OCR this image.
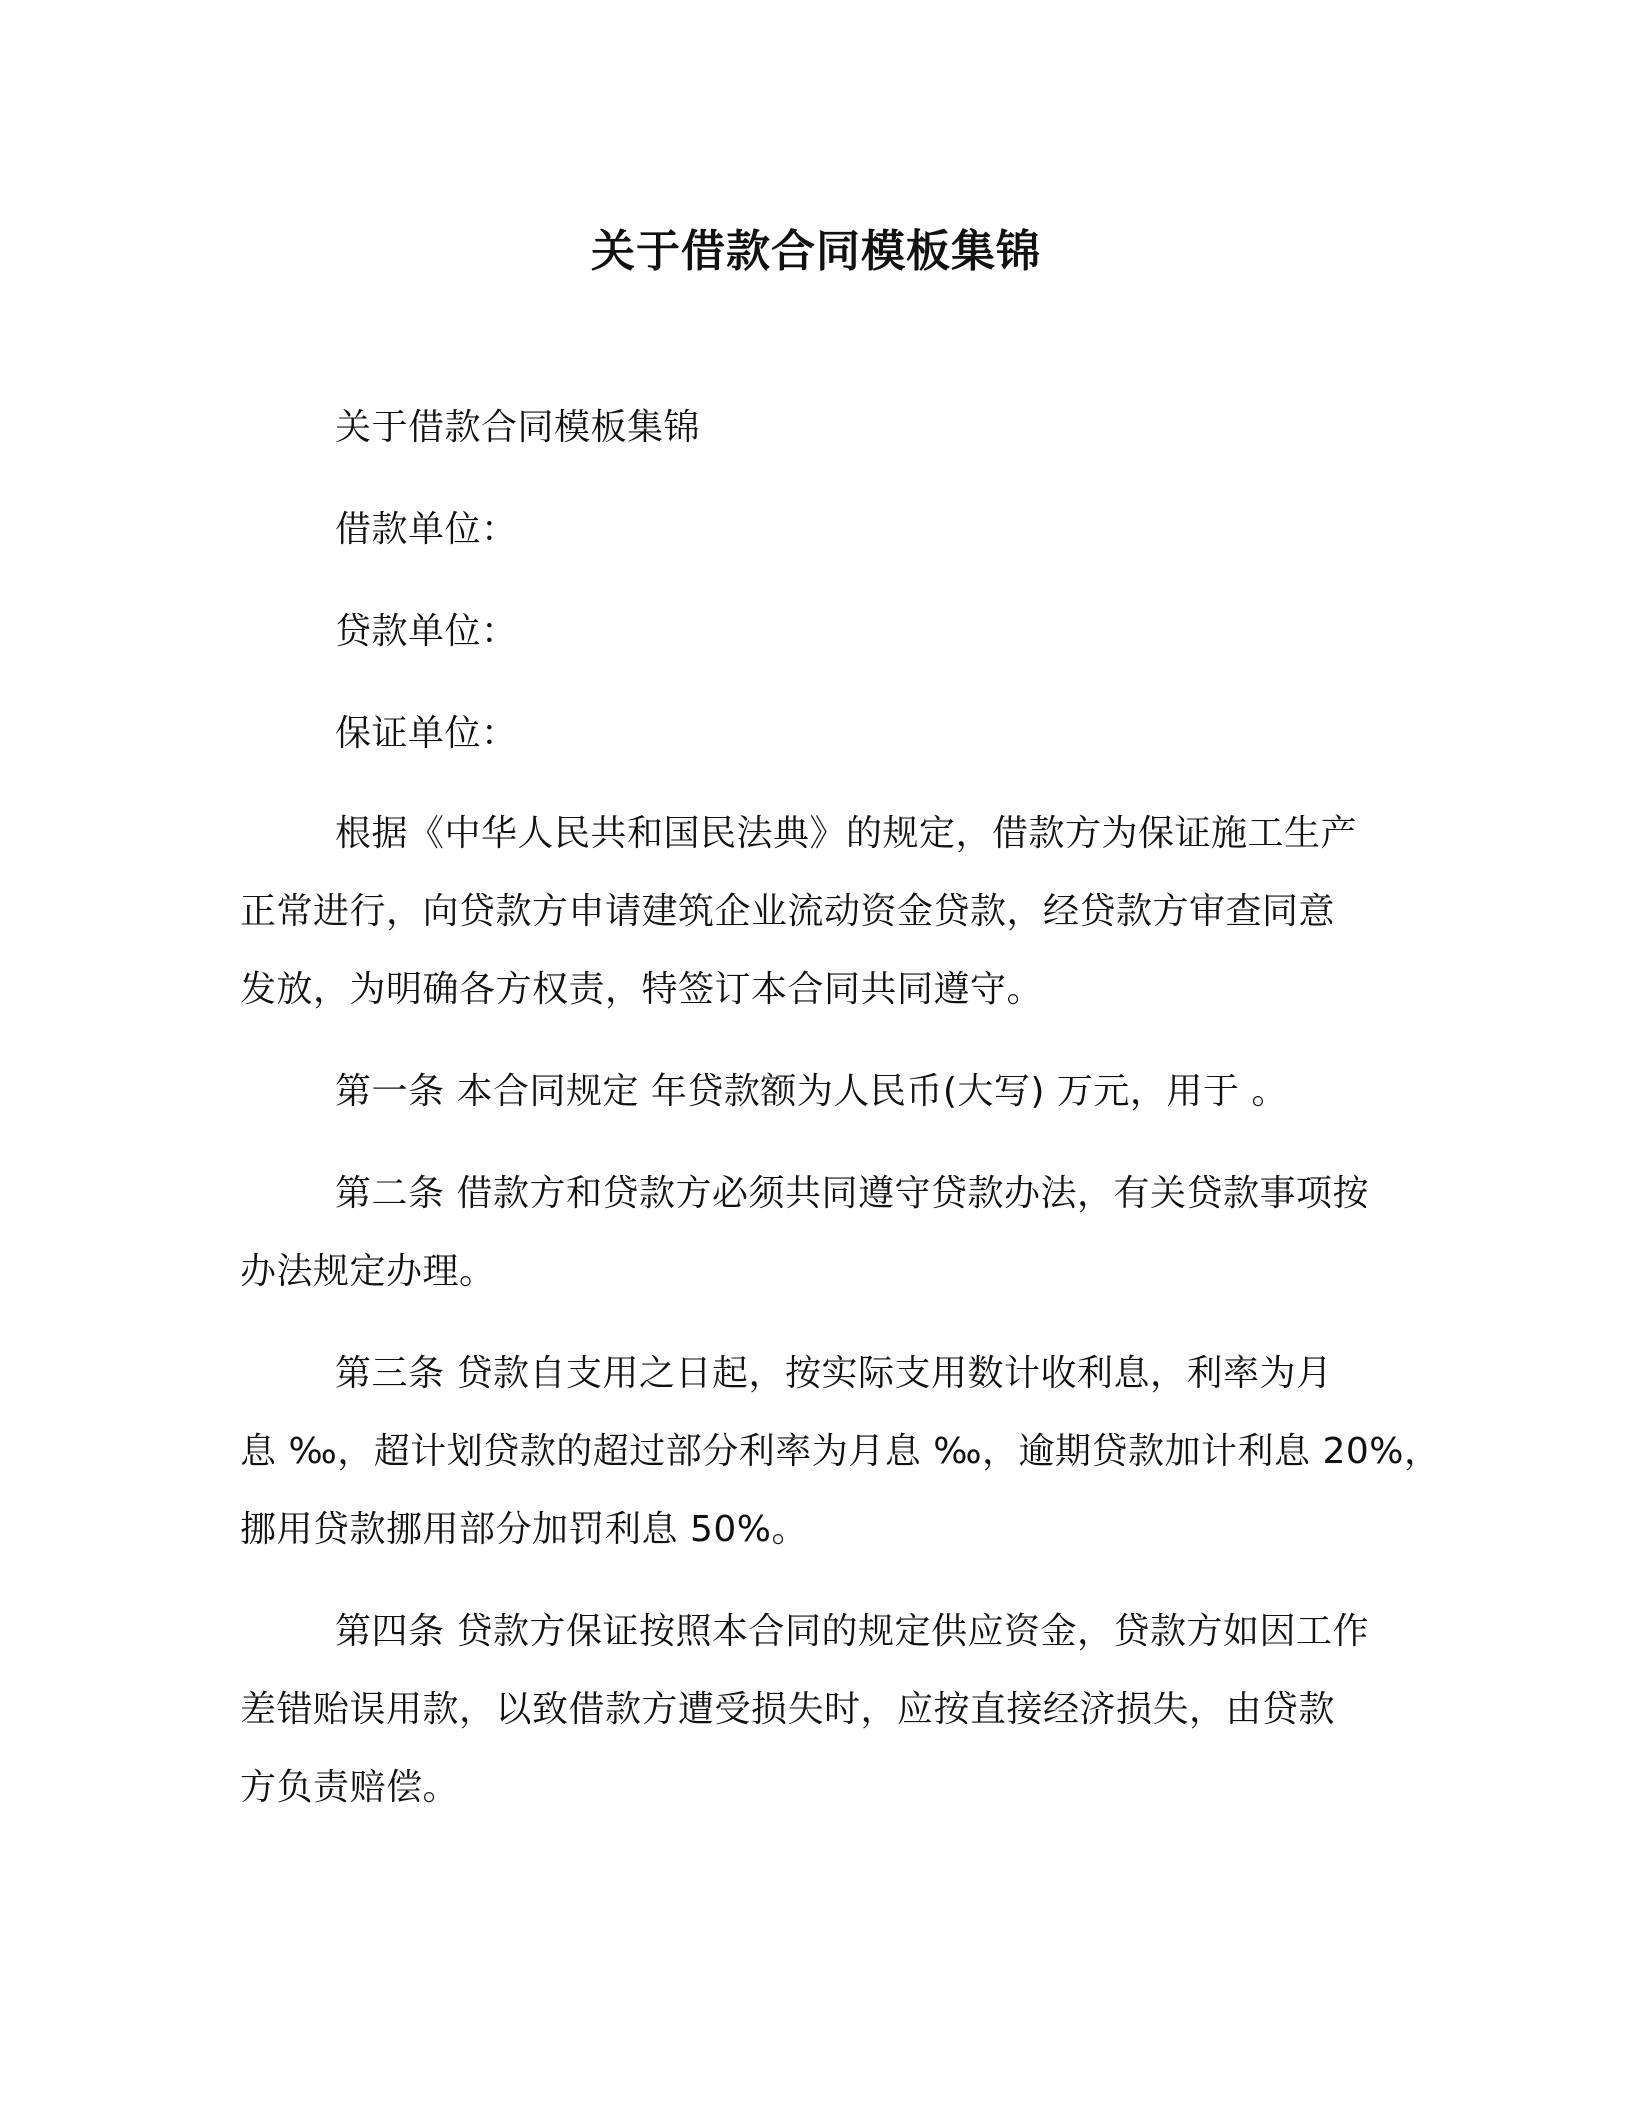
关于借款合同模板集锦
关于借款合同模板集锦
借款单位：
贷款单位：
保证单位：
根据《中华人民共和国民法典》的规定，借款方为保证施工生产
正常进行，向贷款方申请建筑企业流动资金贷款，经贷款方审查同意
发放，为明确各方权责，特签订本合同共同遵守。
第一条 本合同规定 年贷款额为人民币(大写) 万元，用于 。
第二条 借款方和贷款方必须共同遵守贷款办法，有关贷款事项按
办法规定办理。
第三条 贷款自支用之日起，按实际支用数计收利息，利率为月
息 ‰，超计划贷款的超过部分利率为月息 ‰，逾期贷款加计利息 20%，
挪用贷款挪用部分加罚利息 50%。
第四条 贷款方保证按照本合同的规定供应资金，贷款方如因工作
差错贻误用款，以致借款方遭受损失时，应按直接经济损失，由贷款
方负责赔偿。
